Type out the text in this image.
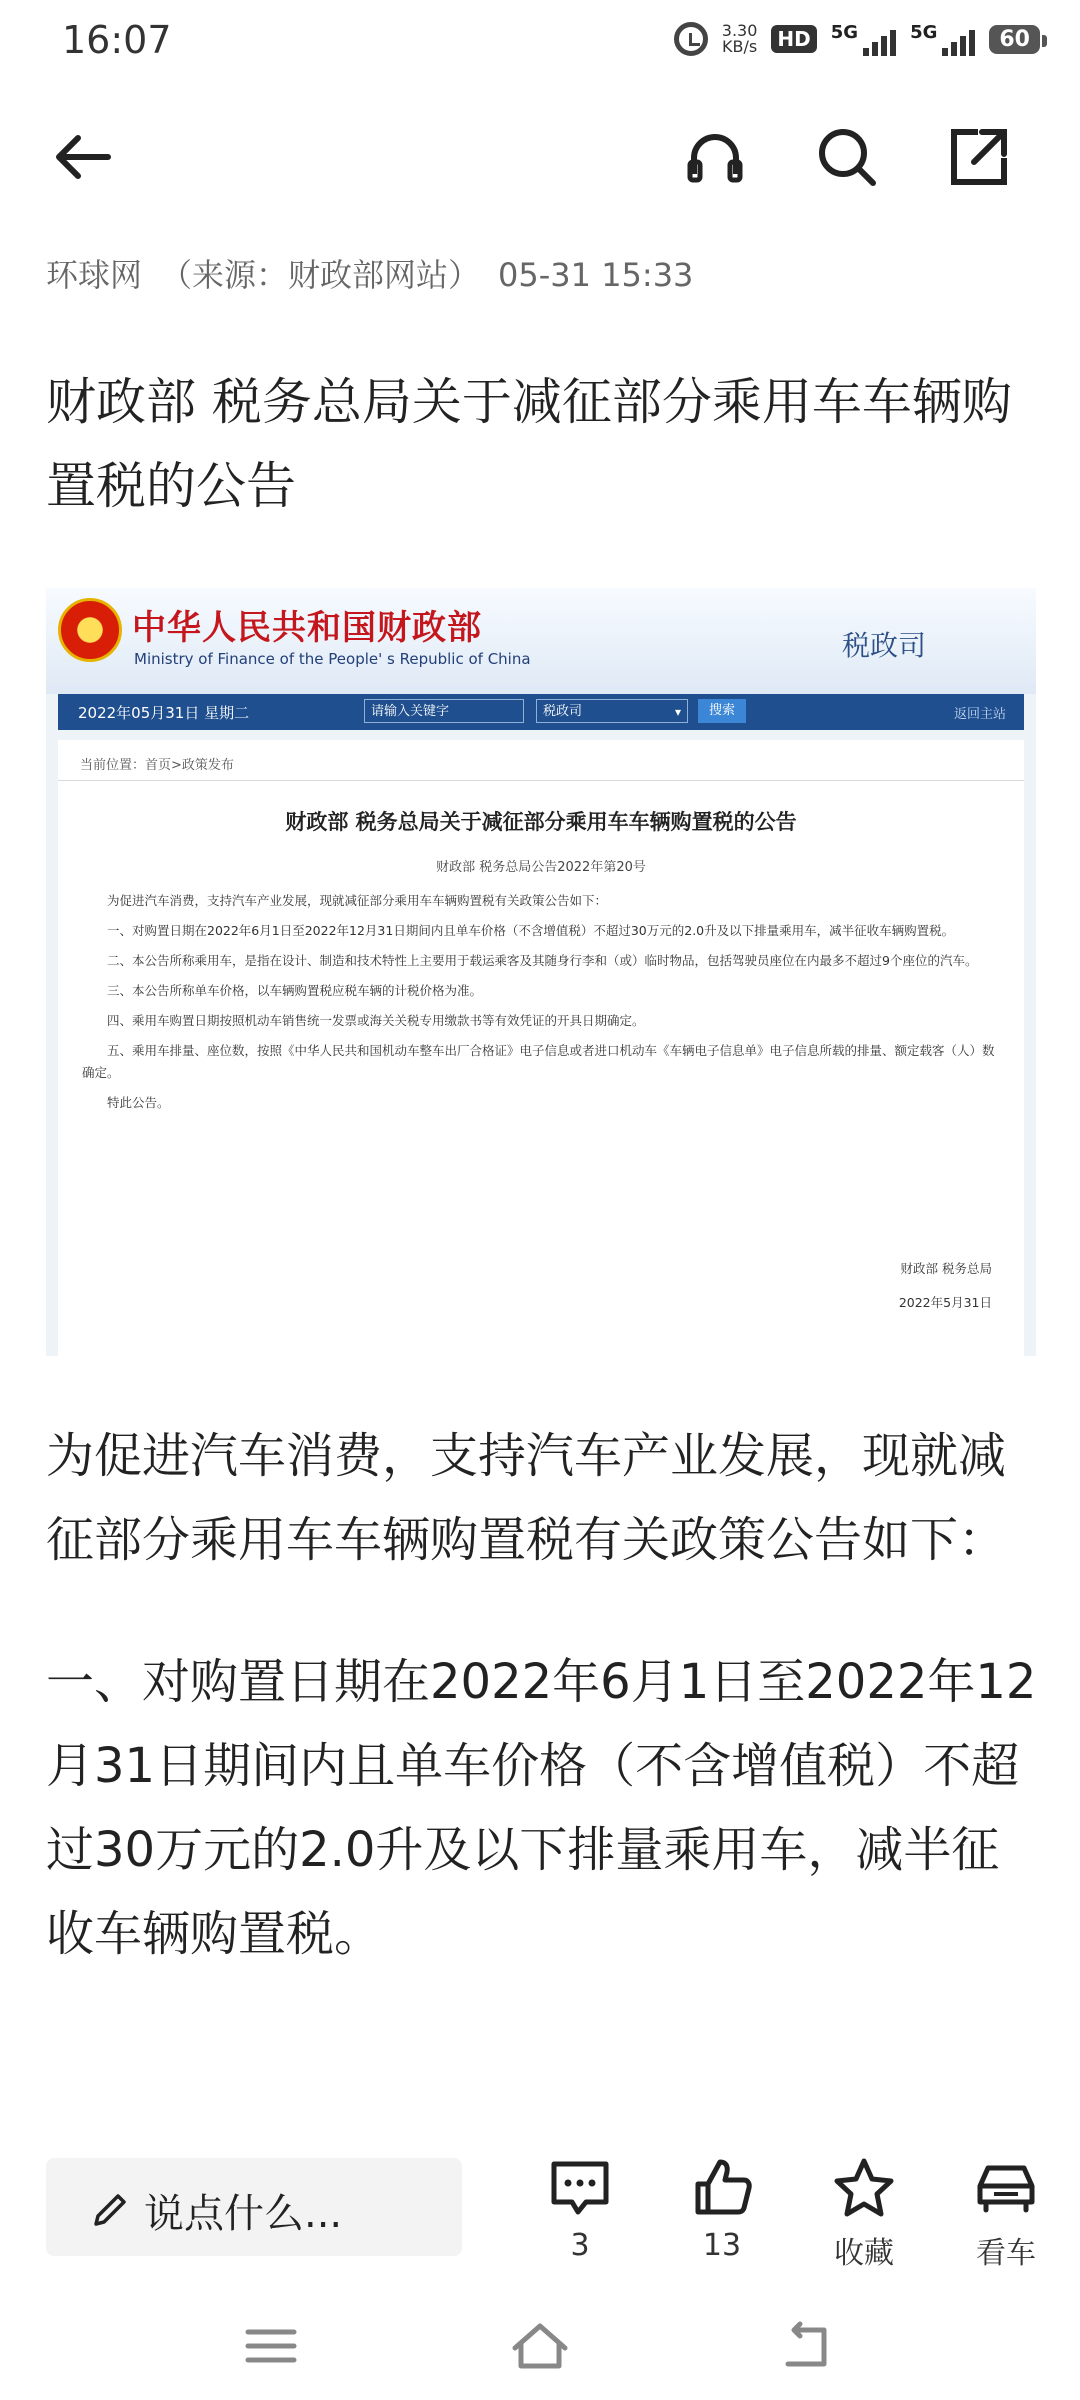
16:07	3.30
KB/s	HD	5G	5G	60
环球网 （来源：财政部网站） 05-31 15:33
财政部 税务总局关于减征部分乘用车车辆购置税的公告
中华人民共和国财政部
Ministry of Finance of the People' s Republic of China	税政司
2022年05月31日 星期二	请输入关键字	税政司 ▾	搜索	返回主站
当前位置：首页>政策发布
财政部 税务总局关于减征部分乘用车车辆购置税的公告
财政部 税务总局公告2022年第20号

为促进汽车消费，支持汽车产业发展，现就减征部分乘用车车辆购置税有关政策公告如下：

一、对购置日期在2022年6月1日至2022年12月31日期间内且单车价格（不含增值税）不超过30万元的2.0升及以下排量乘用车，减半征收车辆购置税。

二、本公告所称乘用车，是指在设计、制造和技术特性上主要用于载运乘客及其随身行李和（或）临时物品，包括驾驶员座位在内最多不超过9个座位的汽车。

三、本公告所称单车价格，以车辆购置税应税车辆的计税价格为准。

四、乘用车购置日期按照机动车销售统一发票或海关关税专用缴款书等有效凭证的开具日期确定。

五、乘用车排量、座位数，按照《中华人民共和国机动车整车出厂合格证》电子信息或者进口机动车《车辆电子信息单》电子信息所载的排量、额定载客（人）数确定。

特此公告。

财政部 税务总局
2022年5月31日

为促进汽车消费，支持汽车产业发展，现就减征部分乘用车车辆购置税有关政策公告如下：

一、对购置日期在2022年6月1日至2022年12月31日期间内且单车价格（不含增值税）不超过30万元的2.0升及以下排量乘用车，减半征收车辆购置税。

说点什么...
3	13	收藏	看车
